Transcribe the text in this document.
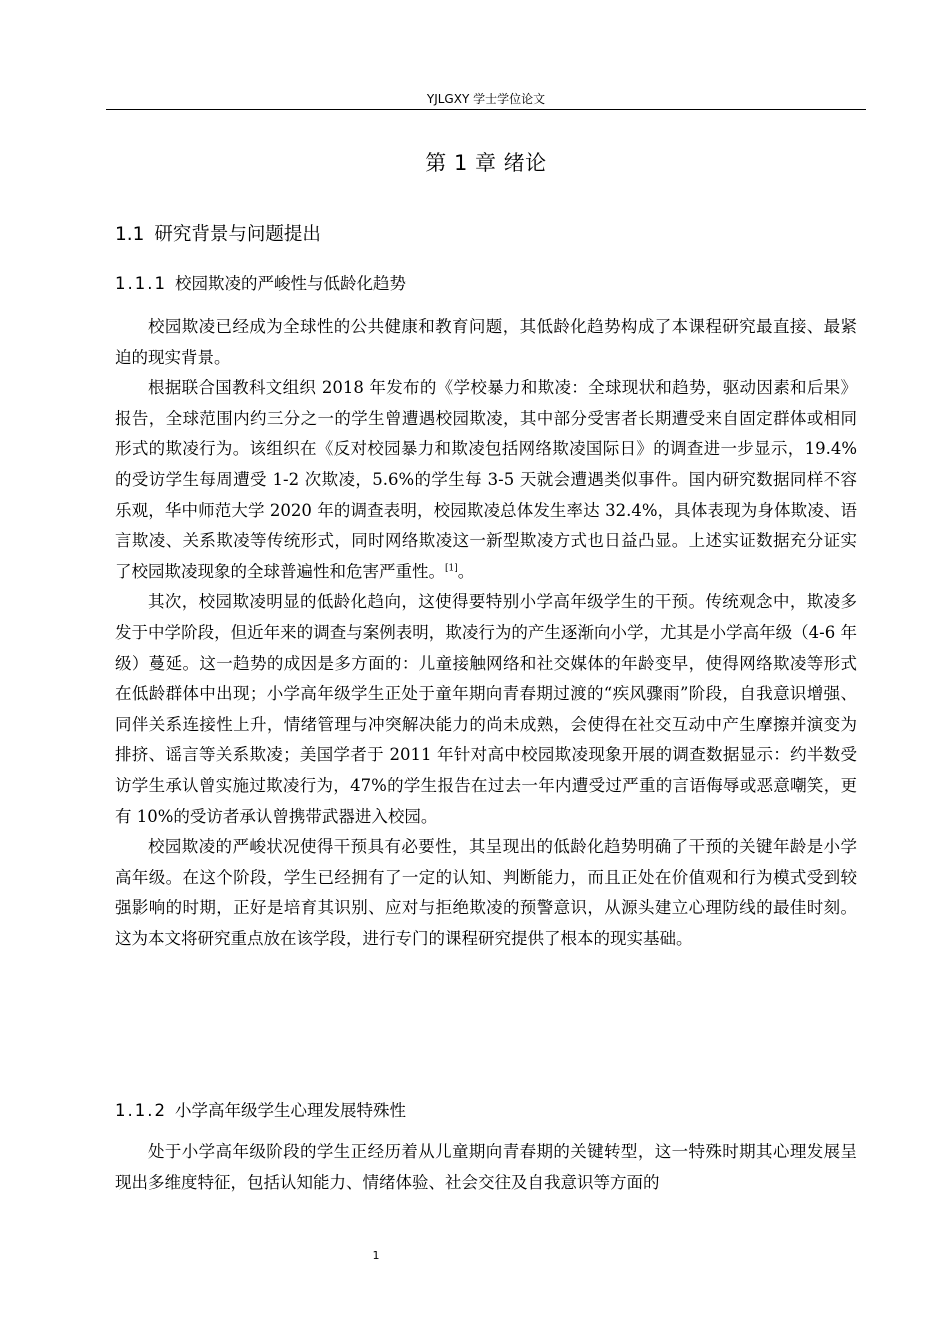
YJLGXY 学士学位论文
第 1 章 绪论
1.1 研究背景与问题提出
1.1.1 校园欺凌的严峻性与低龄化趋势

校园欺凌已经成为全球性的公共健康和教育问题，其低龄化趋势构成了本课程研究最直接、最紧迫的现实背景。

根据联合国教科文组织 2018 年发布的《学校暴力和欺凌：全球现状和趋势，驱动因素和后果》报告，全球范围内约三分之一的学生曾遭遇校园欺凌，其中部分受害者长期遭受来自固定群体或相同形式的欺凌行为。该组织在《反对校园暴力和欺凌包括网络欺凌国际日》的调查进一步显示，19.4%的受访学生每周遭受 1-2 次欺凌，5.6%的学生每 3-5 天就会遭遇类似事件。国内研究数据同样不容乐观，华中师范大学 2020 年的调查表明，校园欺凌总体发生率达 32.4%，具体表现为身体欺凌、语言欺凌、关系欺凌等传统形式，同时网络欺凌这一新型欺凌方式也日益凸显。上述实证数据充分证实了校园欺凌现象的全球普遍性和危害严重性。[1]。

其次，校园欺凌明显的低龄化趋向，这使得要特别小学高年级学生的干预。传统观念中，欺凌多发于中学阶段，但近年来的调查与案例表明，欺凌行为的产生逐渐向小学，尤其是小学高年级（4-6 年级）蔓延。这一趋势的成因是多方面的：儿童接触网络和社交媒体的年龄变早，使得网络欺凌等形式在低龄群体中出现；小学高年级学生正处于童年期向青春期过渡的“疾风骤雨”阶段，自我意识增强、同伴关系连接性上升，情绪管理与冲突解决能力的尚未成熟，会使得在社交互动中产生摩擦并演变为排挤、谣言等关系欺凌；美国学者于 2011 年针对高中校园欺凌现象开展的调查数据显示：约半数受访学生承认曾实施过欺凌行为，47%的学生报告在过去一年内遭受过严重的言语侮辱或恶意嘲笑，更有 10%的受访者承认曾携带武器进入校园。

校园欺凌的严峻状况使得干预具有必要性，其呈现出的低龄化趋势明确了干预的关键年龄是小学高年级。在这个阶段，学生已经拥有了一定的认知、判断能力，而且正处在价值观和行为模式受到较强影响的时期，正好是培育其识别、应对与拒绝欺凌的预警意识，从源头建立心理防线的最佳时刻。这为本文将研究重点放在该学段，进行专门的课程研究提供了根本的现实基础。

1.1.2 小学高年级学生心理发展特殊性

处于小学高年级阶段的学生正经历着从儿童期向青春期的关键转型，这一特殊时期其心理发展呈现出多维度特征，包括认知能力、情绪体验、社会交往及自我意识等方面的

1
